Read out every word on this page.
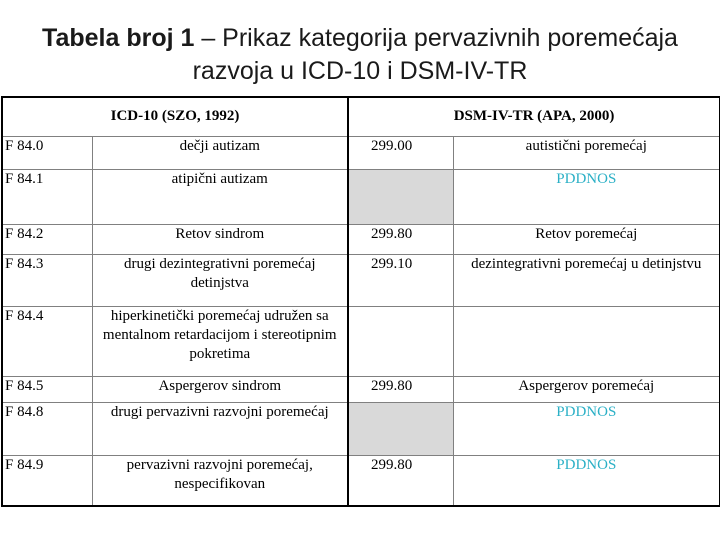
Tabela broj 1 – Prikaz kategorija pervazivnih poremećaja
razvoja u ICD-10 i DSM-IV-TR
ICD-10 (SZO, 1992)		DSM-IV-TR (APA, 2000)	
F 84.0	dečji autizam	299.00	autistični poremećaj
F 84.1	atipični autizam		PDDNOS
F 84.2	Retov sindrom	299.80	Retov poremećaj
F 84.3	drugi dezintegrativni poremećaj detinjstva	299.10	dezintegrativni poremećaj u detinjstvu
F 84.4	hiperkinetički poremećaj udružen sa mentalnom retardacijom i stereotipnim pokretima		
F 84.5	Aspergerov sindrom	299.80	Aspergerov poremećaj
F 84.8	drugi pervazivni razvojni poremećaj		PDDNOS
F 84.9	pervazivni razvojni poremećaj, nespecifikovan	299.80	PDDNOS
